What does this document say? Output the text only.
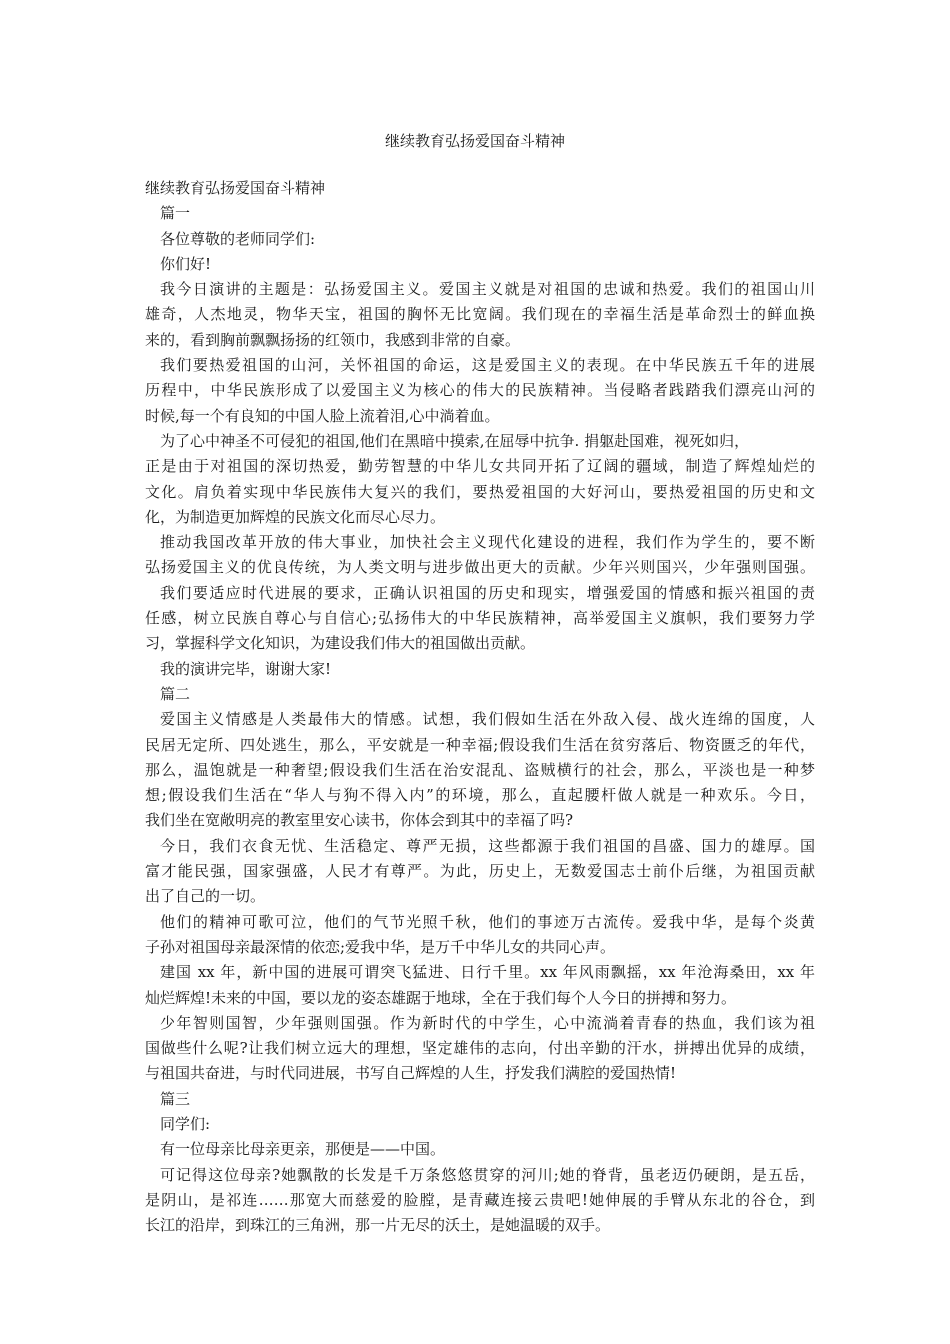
继续教育弘扬爱国奋斗精神
继续教育弘扬爱国奋斗精神
篇一
各位尊敬的老师同学们:
你们好!
我今日演讲的主题是：弘扬爱国主义。爱国主义就是对祖国的忠诚和热爱。我们的祖国山川
雄奇，人杰地灵，物华天宝，祖国的胸怀无比宽阔。我们现在的幸福生活是革命烈士的鲜血换
来的，看到胸前飘飘扬扬的红领巾，我感到非常的自豪。
我们要热爱祖国的山河，关怀祖国的命运，这是爱国主义的表现。在中华民族五千年的进展
历程中，中华民族形成了以爱国主义为核心的伟大的民族精神。当侵略者践踏我们漂亮山河的
时候,每一个有良知的中国人脸上流着泪,心中淌着血。
为了心中神圣不可侵犯的祖国,他们在黑暗中摸索,在屈辱中抗争. 捐躯赴国难，视死如归，
正是由于对祖国的深切热爱，勤劳智慧的中华儿女共同开拓了辽阔的疆域，制造了辉煌灿烂的
文化。肩负着实现中华民族伟大复兴的我们，要热爱祖国的大好河山，要热爱祖国的历史和文
化，为制造更加辉煌的民族文化而尽心尽力。
推动我国改革开放的伟大事业，加快社会主义现代化建设的进程，我们作为学生的，要不断
弘扬爱国主义的优良传统，为人类文明与进步做出更大的贡献。少年兴则国兴，少年强则国强。
我们要适应时代进展的要求，正确认识祖国的历史和现实，增强爱国的情感和振兴祖国的责
任感，树立民族自尊心与自信心;弘扬伟大的中华民族精神，高举爱国主义旗帜，我们要努力学
习，掌握科学文化知识，为建设我们伟大的祖国做出贡献。
我的演讲完毕，谢谢大家!
篇二
爱国主义情感是人类最伟大的情感。试想，我们假如生活在外敌入侵、战火连绵的国度，人
民居无定所、四处逃生，那么，平安就是一种幸福;假设我们生活在贫穷落后、物资匮乏的年代，
那么，温饱就是一种奢望;假设我们生活在治安混乱、盗贼横行的社会，那么，平淡也是一种梦
想;假设我们生活在“华人与狗不得入内”的环境，那么，直起腰杆做人就是一种欢乐。今日，
我们坐在宽敞明亮的教室里安心读书，你体会到其中的幸福了吗?
今日，我们衣食无忧、生活稳定、尊严无损，这些都源于我们祖国的昌盛、国力的雄厚。国
富才能民强，国家强盛，人民才有尊严。为此，历史上，无数爱国志士前仆后继，为祖国贡献
出了自己的一切。
他们的精神可歌可泣，他们的气节光照千秋，他们的事迹万古流传。爱我中华，是每个炎黄
子孙对祖国母亲最深情的依恋;爱我中华，是万千中华儿女的共同心声。
建国 xx 年，新中国的进展可谓突飞猛进、日行千里。xx 年风雨飘摇，xx 年沧海桑田，xx 年
灿烂辉煌!未来的中国，要以龙的姿态雄踞于地球，全在于我们每个人今日的拼搏和努力。
少年智则国智，少年强则国强。作为新时代的中学生，心中流淌着青春的热血，我们该为祖
国做些什么呢?让我们树立远大的理想，坚定雄伟的志向，付出辛勤的汗水，拼搏出优异的成绩，
与祖国共奋进，与时代同进展，书写自己辉煌的人生，抒发我们满腔的爱国热情!
篇三
同学们:
有一位母亲比母亲更亲，那便是——中国。
可记得这位母亲?她飘散的长发是千万条悠悠贯穿的河川;她的脊背，虽老迈仍硬朗，是五岳，
是阴山，是祁连……那宽大而慈爱的脸膛，是青藏连接云贵吧!她伸展的手臂从东北的谷仓，到
长江的沿岸，到珠江的三角洲，那一片无尽的沃土，是她温暖的双手。
